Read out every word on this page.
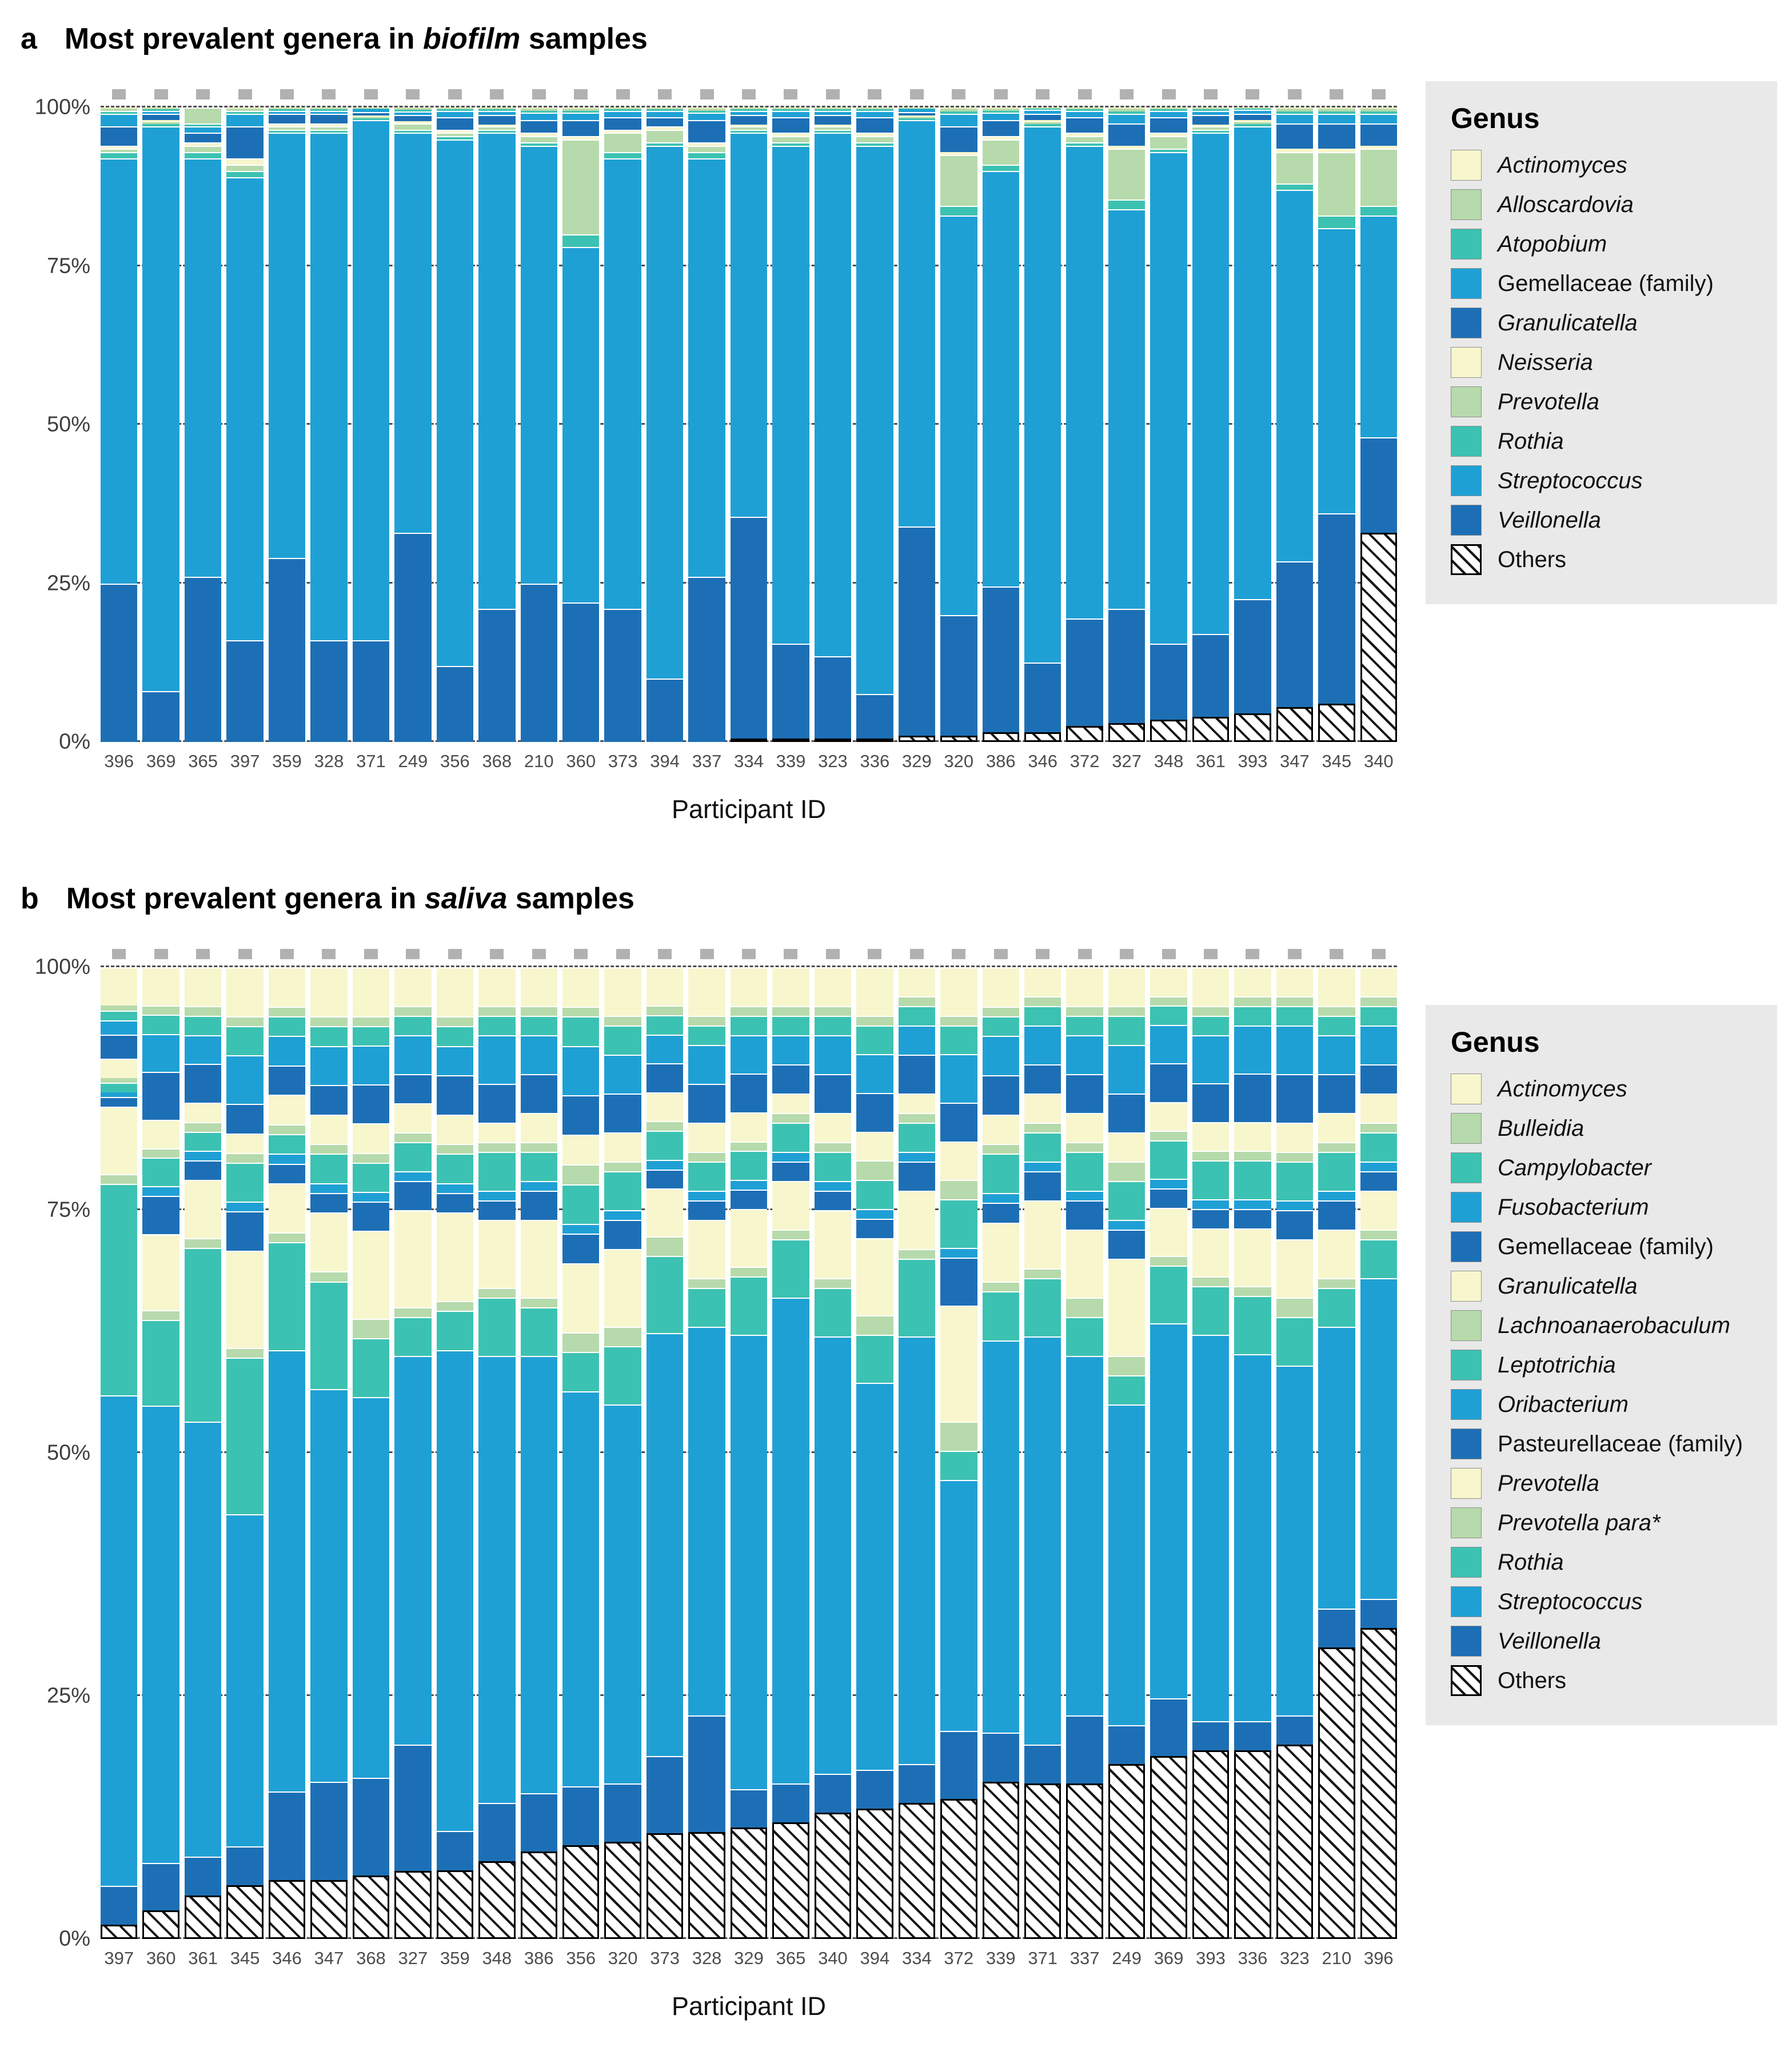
a Most prevalent genera in biofilm samples
0%
25%
50%
75%
100%
396 369 365 397 359 328 371 249 356 368 210 360 373 394 337 334 339 323 336 329 320 386 346 372 327 348 361 393 347 345 340
Participant ID
Genus
Actinomyces
Alloscardovia
Atopobium
Gemellaceae (family)
Granulicatella
Neisseria
Prevotella
Rothia
Streptococcus
Veillonella
Others
b Most prevalent genera in saliva samples
0%
25%
50%
75%
100%
397 360 361 345 346 347 368 327 359 348 386 356 320 373 328 329 365 340 394 334 372 339 371 337 249 369 393 336 323 210 396
Participant ID
Genus
Actinomyces
Bulleidia
Campylobacter
Fusobacterium
Gemellaceae (family)
Granulicatella
Lachnoanaerobaculum
Leptotrichia
Oribacterium
Pasteurellaceae (family)
Prevotella
Prevotella para*
Rothia
Streptococcus
Veillonella
Others
